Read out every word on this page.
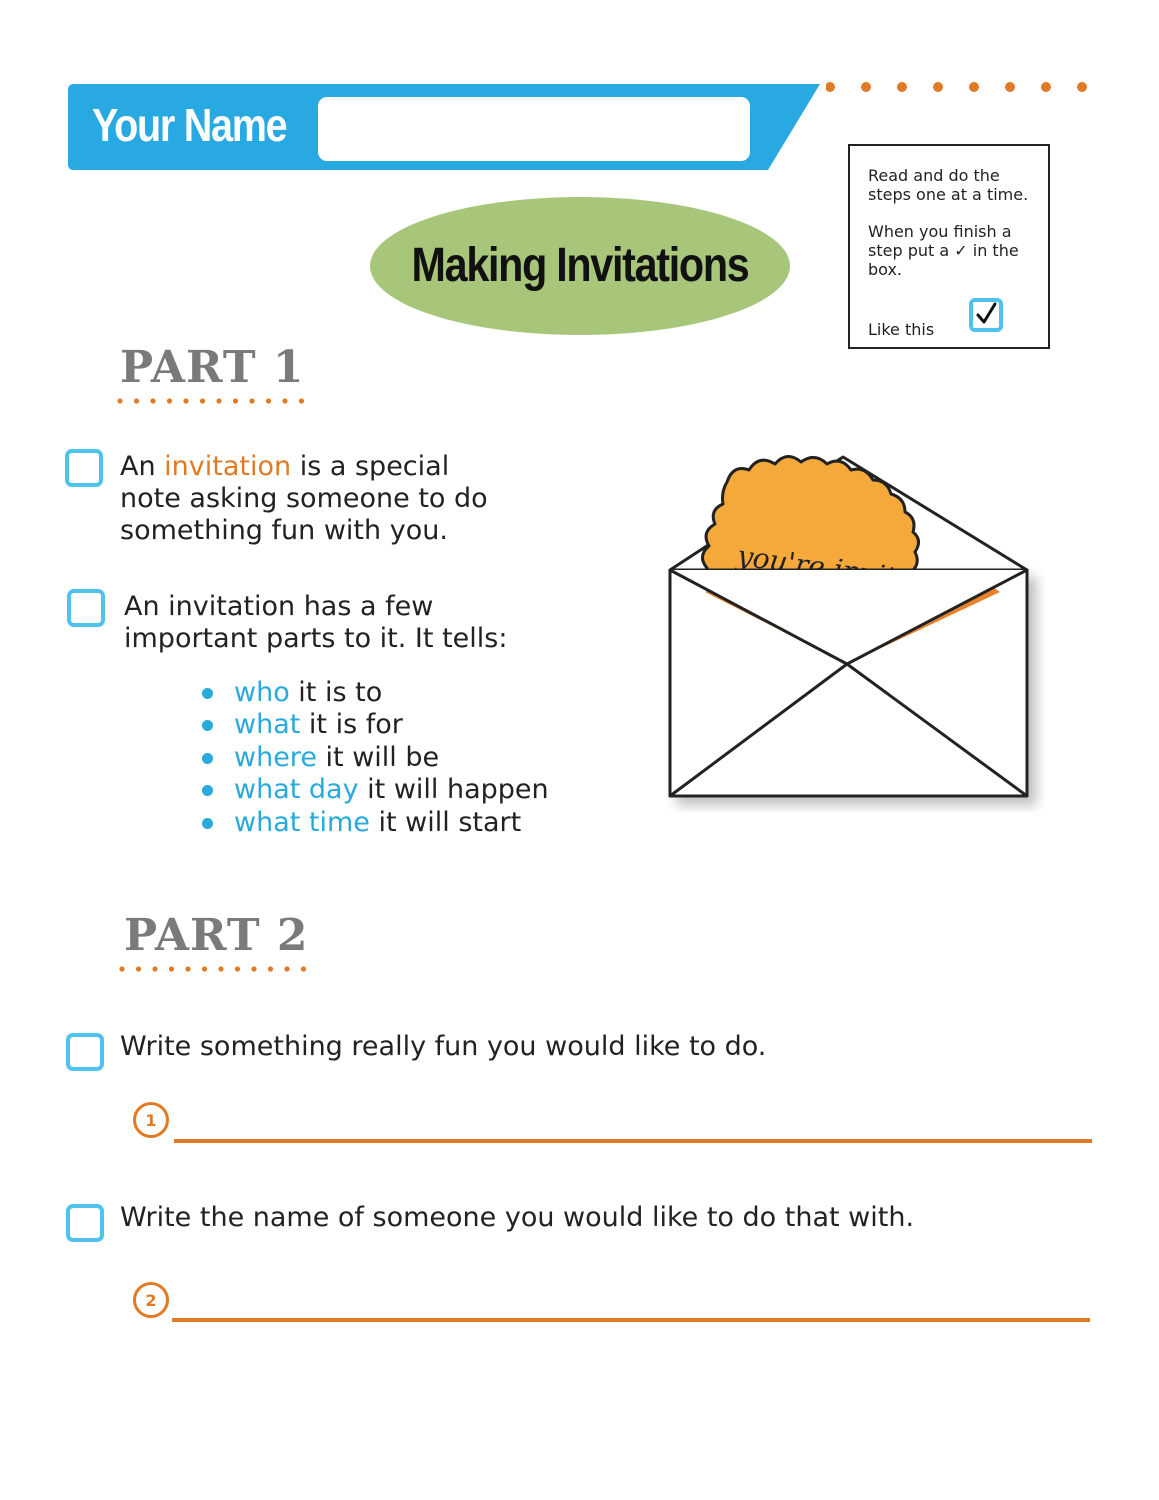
Your Name

Read and do the steps one at a time.

When you finish a step put a ✓ in the box.

Like this
Making Invitations
PART 1
An invitation is a special
note asking someone to do
something fun with you.
An invitation has a few
important parts to it. It tells:
who it is to
what it is for
where it will be
what day it will happen
what time it will start
PART 2
Write something really fun you would like to do.
1
Write the name of someone you would like to do that with.
2
